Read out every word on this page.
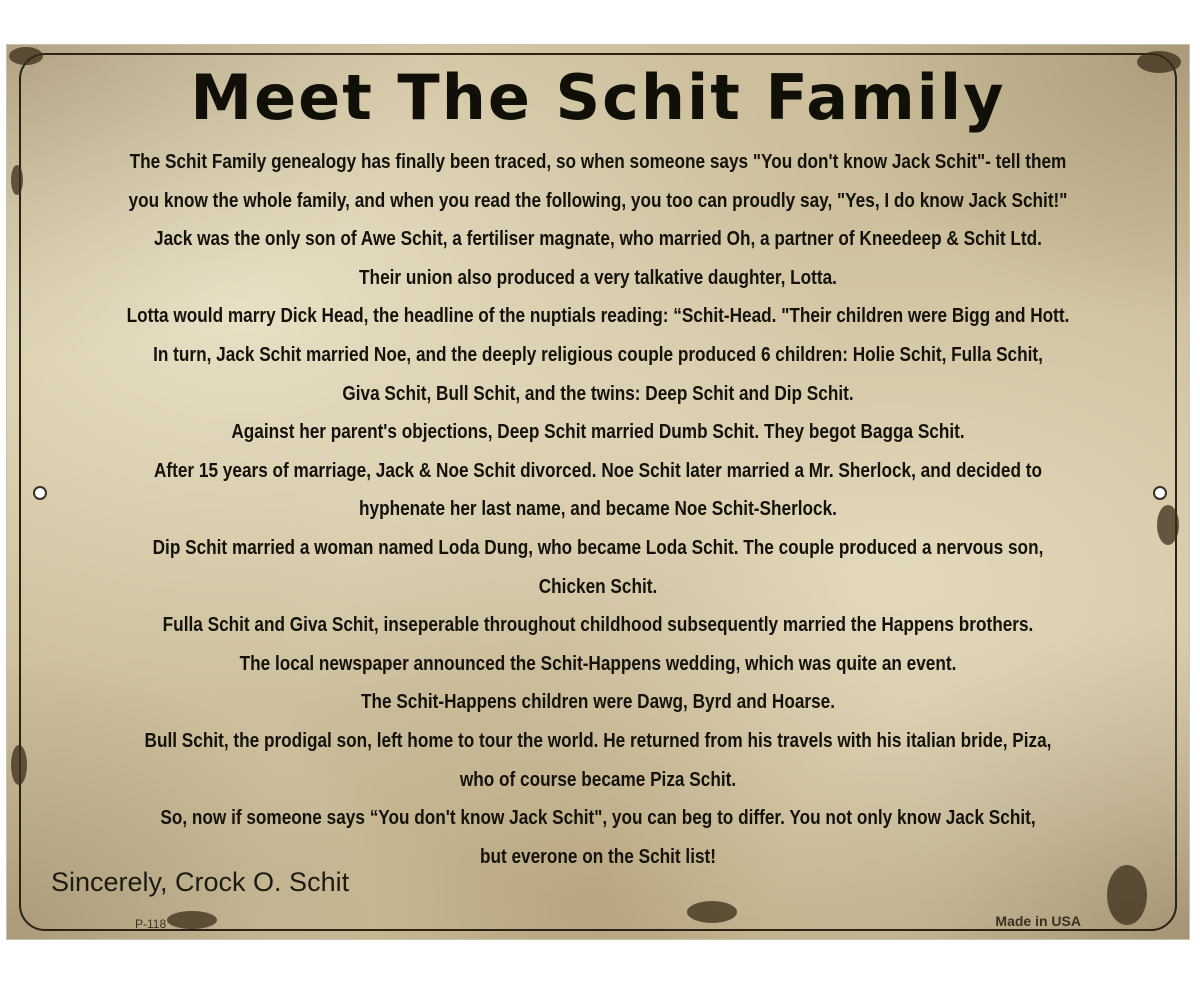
Meet The Schit Family
The Schit Family genealogy has finally been traced, so when someone says "You don't know Jack Schit"- tell them
you know the whole family, and when you read the following, you too can proudly say, "Yes, I do know Jack Schit!"
Jack was the only son of Awe Schit, a fertiliser magnate, who married Oh, a partner of Kneedeep & Schit Ltd.
Their union also produced a very talkative daughter, Lotta.
Lotta would marry Dick Head, the headline of the nuptials reading: “Schit-Head. "Their children were Bigg and Hott.
In turn, Jack Schit married Noe, and the deeply religious couple produced 6 children: Holie Schit, Fulla Schit,
Giva Schit, Bull Schit, and the twins: Deep Schit and Dip Schit.
Against her parent's objections, Deep Schit married Dumb Schit. They begot Bagga Schit.
After 15 years of marriage, Jack & Noe Schit divorced. Noe Schit later married a Mr. Sherlock, and decided to
hyphenate her last name, and became Noe Schit-Sherlock.
Dip Schit married a woman named Loda Dung, who became Loda Schit. The couple produced a nervous son,
Chicken Schit.
Fulla Schit and Giva Schit, inseperable throughout childhood subsequently married the Happens brothers.
The local newspaper announced the Schit-Happens wedding, which was quite an event.
The Schit-Happens children were Dawg, Byrd and Hoarse.
Bull Schit, the prodigal son, left home to tour the world. He returned from his travels with his italian bride, Piza,
who of course became Piza Schit.
So, now if someone says “You don't know Jack Schit", you can beg to differ. You not only know Jack Schit,
but everone on the Schit list!
Sincerely, Crock O. Schit
P-118	Made in USA
